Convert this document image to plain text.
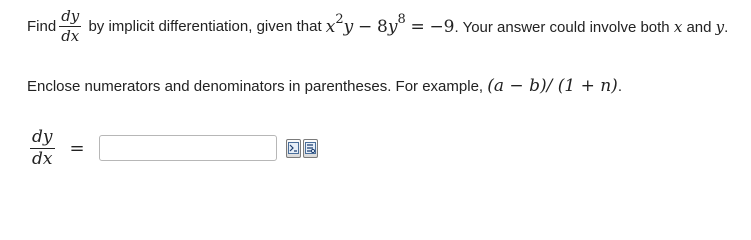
Find $\frac{dy}{dx}$ by implicit differentiation, given that $x^2y - 8y^8 = -9$ . Your answer could involve both x and y.
Enclose numerators and denominators in parentheses. For example, (a − b)/ (1 + n).
$\frac{dy}{dx}$ =
